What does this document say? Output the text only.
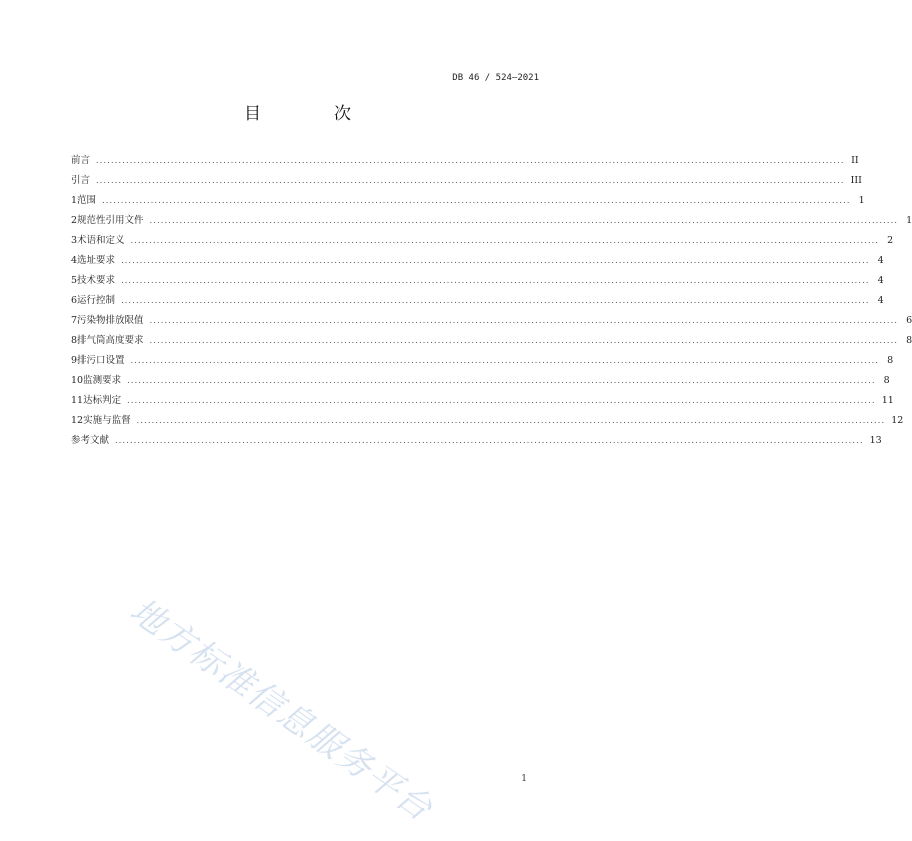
DB 46 / 524—2021
目　次
前言 ........................................................................................................................................................................................................ II
引言 ........................................................................................................................................................................................................ III
1 范围 ........................................................................................................................................................................................................ 1
2 规范性引用文件 ........................................................................................................................................................................................................ 1
3 术语和定义 ........................................................................................................................................................................................................ 2
4 选址要求 ........................................................................................................................................................................................................ 4
5 技术要求 ........................................................................................................................................................................................................ 4
6 运行控制 ........................................................................................................................................................................................................ 4
7 污染物排放限值 ........................................................................................................................................................................................................ 6
8 排气筒高度要求 ........................................................................................................................................................................................................ 8
9 排污口设置 ........................................................................................................................................................................................................ 8
10 监测要求 ........................................................................................................................................................................................................ 8
11 达标判定 ........................................................................................................................................................................................................ 11
12 实施与监督 ........................................................................................................................................................................................................ 12
参考文献 ........................................................................................................................................................................................................ 13
地方标准信息服务平台	1
